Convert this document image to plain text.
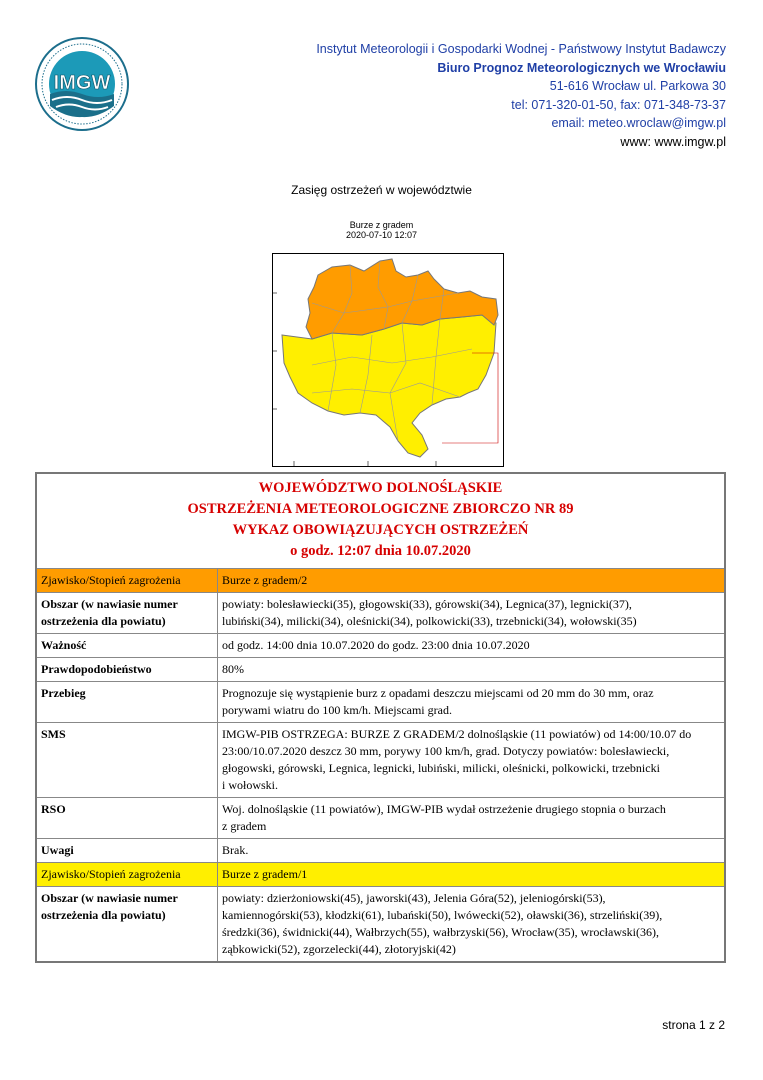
IMGW
Instytut Meteorologii i Gospodarki Wodnej - Państwowy Instytut Badawczy
Biuro Prognoz Meteorologicznych we Wrocławiu
51-616 Wrocław ul. Parkowa 30
tel: 071-320-01-50, fax: 071-348-73-37
email: meteo.wroclaw@imgw.pl
www: www.imgw.pl
Zasięg ostrzeżeń w województwie
Burze z gradem
2020-07-10 12:07
WOJEWÓDZTWO DOLNOŚLĄSKIE
OSTRZEŻENIA METEOROLOGICZNE ZBIORCZO NR 89
WYKAZ OBOWIĄZUJĄCYCH OSTRZEŻEŃ
o godz. 12:07 dnia 10.07.2020	

Zjawisko/Stopień zagrożenia	Burze z gradem/2
Obszar (w nawiasie numer ostrzeżenia dla powiatu)	powiaty: bolesławiecki(35), głogowski(33), górowski(34), Legnica(37), legnicki(37),
lubiński(34), milicki(34), oleśnicki(34), polkowicki(33), trzebnicki(34), wołowski(35)

Ważność	od godz. 14:00 dnia 10.07.2020 do godz. 23:00 dnia 10.07.2020
Prawdopodobieństwo	80%
Przebieg	Prognozuje się wystąpienie burz z opadami deszczu miejscami od 20 mm do 30 mm, oraz
porywami wiatru do 100 km/h. Miejscami grad.

SMS	IMGW-PIB OSTRZEGA: BURZE Z GRADEM/2 dolnośląskie (11 powiatów) od 14:00/10.07 do
23:00/10.07.2020 deszcz 30 mm, porywy 100 km/h, grad. Dotyczy powiatów: bolesławiecki,
głogowski, górowski, Legnica, legnicki, lubiński, milicki, oleśnicki, polkowicki, trzebnicki
i wołowski.

RSO	Woj. dolnośląskie (11 powiatów), IMGW-PIB wydał ostrzeżenie drugiego stopnia o burzach
z gradem

Uwagi	Brak.
Zjawisko/Stopień zagrożenia	Burze z gradem/1
Obszar (w nawiasie numer ostrzeżenia dla powiatu)	powiaty: dzierżoniowski(45), jaworski(43), Jelenia Góra(52), jeleniogórski(53),
kamiennogórski(53), kłodzki(61), lubański(50), lwówecki(52), oławski(36), strzeliński(39),
średzki(36), świdnicki(44), Wałbrzych(55), wałbrzyski(56), Wrocław(35), wrocławski(36),
ząbkowicki(52), zgorzelecki(44), złotoryjski(42)
strona 1 z 2
